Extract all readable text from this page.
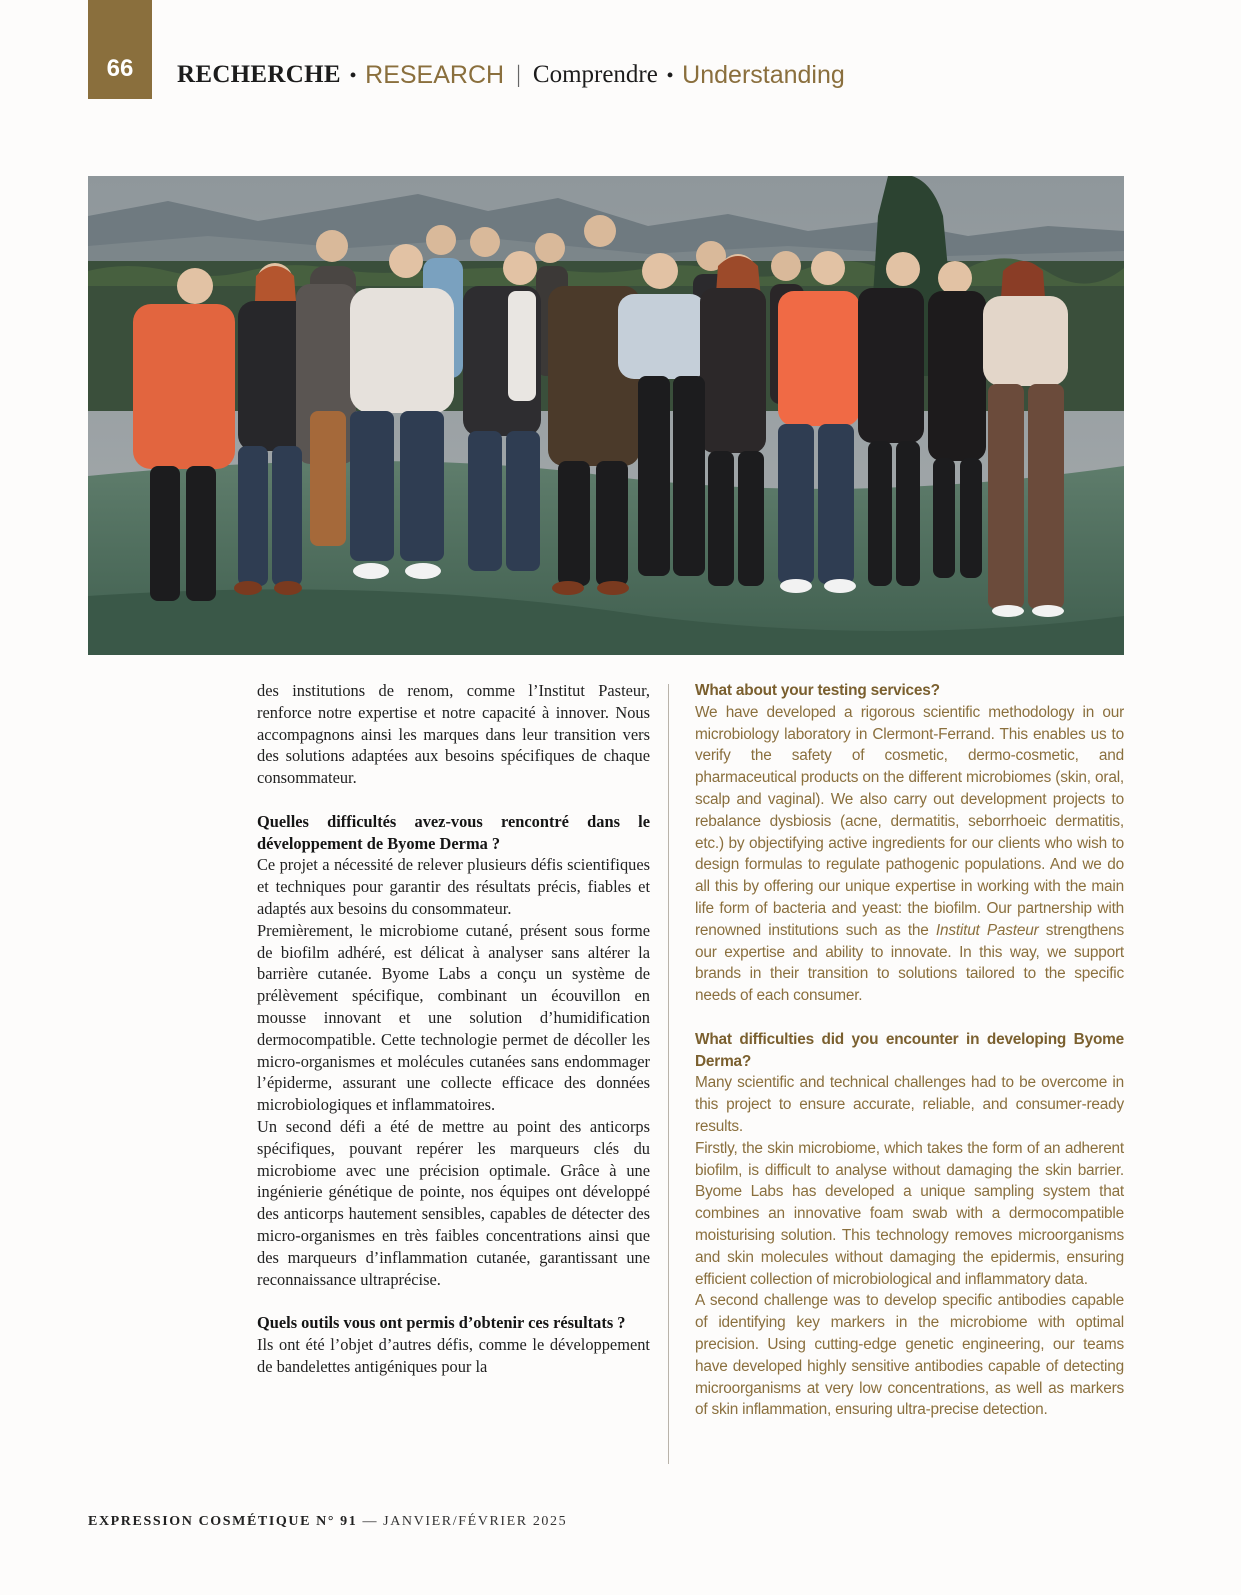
66 RECHERCHE • RESEARCH | Comprendre • Understanding

des institutions de renom, comme l’Institut Pasteur, renforce notre expertise et notre capacité à innover. Nous accompagnons ainsi les marques dans leur transition vers des solutions adaptées aux besoins spécifiques de chaque consommateur.

Quelles difficultés avez-vous rencontré dans le développement de Byome Derma ?

Ce projet a nécessité de relever plusieurs défis scientifiques et techniques pour garantir des résultats précis, fiables et adaptés aux besoins du consommateur.

Premièrement, le microbiome cutané, présent sous forme de biofilm adhéré, est délicat à analyser sans altérer la barrière cutanée. Byome Labs a conçu un système de prélèvement spécifique, combinant un écouvillon en mousse innovant et une solution d’humidification dermocompatible. Cette technologie permet de décoller les micro-organismes et molécules cutanées sans endommager l’épiderme, assurant une collecte efficace des données microbiologiques et inflammatoires.

Un second défi a été de mettre au point des anticorps spécifiques, pouvant repérer les marqueurs clés du microbiome avec une précision optimale. Grâce à une ingénierie génétique de pointe, nos équipes ont développé des anticorps hautement sensibles, capables de détecter des micro-organismes en très faibles concentrations ainsi que des marqueurs d’inflammation cutanée, garantissant une reconnaissance ultraprécise.

Quels outils vous ont permis d’obtenir ces résultats ?

Ils ont été l’objet d’autres défis, comme le développement de bandelettes antigéniques pour la

What about your testing services?

We have developed a rigorous scientific methodology in our microbiology laboratory in Clermont-Ferrand. This enables us to verify the safety of cosmetic, dermo-cosmetic, and pharmaceutical products on the different microbiomes (skin, oral, scalp and vaginal). We also carry out development projects to rebalance dysbiosis (acne, dermatitis, seborrhoeic dermatitis, etc.) by objectifying active ingredients for our clients who wish to design formulas to regulate pathogenic populations. And we do all this by offering our unique expertise in working with the main life form of bacteria and yeast: the biofilm. Our partnership with renowned institutions such as the Institut Pasteur strengthens our expertise and ability to innovate. In this way, we support brands in their transition to solutions tailored to the specific needs of each consumer.

What difficulties did you encounter in developing Byome Derma?

Many scientific and technical challenges had to be overcome in this project to ensure accurate, reliable, and consumer-ready results.

Firstly, the skin microbiome, which takes the form of an adherent biofilm, is difficult to analyse without damaging the skin barrier. Byome Labs has developed a unique sampling system that combines an innovative foam swab with a dermocompatible moisturising solution. This technology removes microorganisms and skin molecules without damaging the epidermis, ensuring efficient collection of microbiological and inflammatory data.

A second challenge was to develop specific antibodies capable of identifying key markers in the microbiome with optimal precision. Using cutting-edge genetic engineering, our teams have developed highly sensitive antibodies capable of detecting microorganisms at very low concentrations, as well as markers of skin inflammation, ensuring ultra-precise detection.

EXPRESSION COSMÉTIQUE N° 91 — JANVIER/FÉVRIER 2025
